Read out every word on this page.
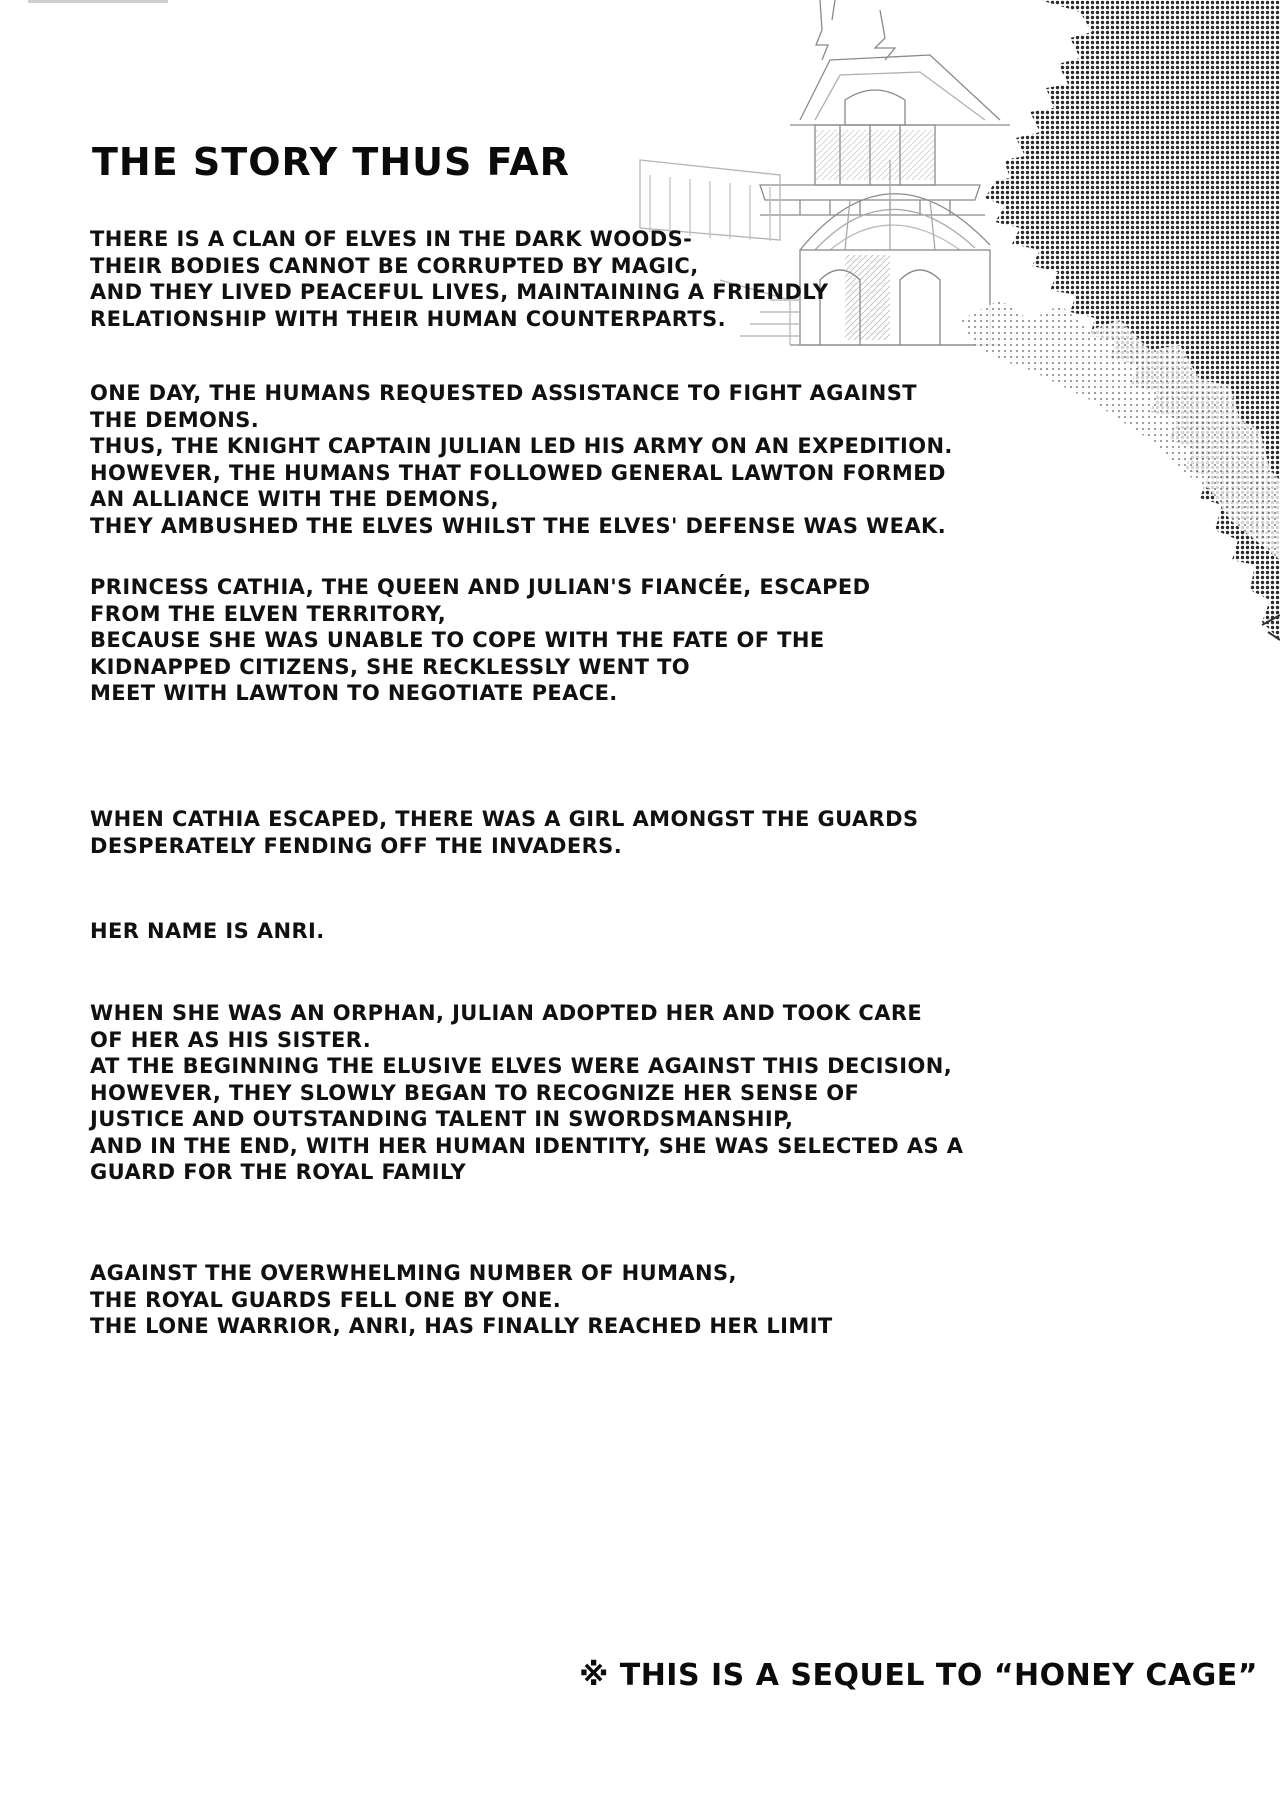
THE STORY THUS FAR

THERE IS A CLAN OF ELVES IN THE DARK WOODS-
THEIR BODIES CANNOT BE CORRUPTED BY MAGIC,
AND THEY LIVED PEACEFUL LIVES, MAINTAINING A FRIENDLY
RELATIONSHIP WITH THEIR HUMAN COUNTERPARTS.

ONE DAY, THE HUMANS REQUESTED ASSISTANCE TO FIGHT AGAINST
THE DEMONS.
THUS, THE KNIGHT CAPTAIN JULIAN LED HIS ARMY ON AN EXPEDITION.
HOWEVER, THE HUMANS THAT FOLLOWED GENERAL LAWTON FORMED
AN ALLIANCE WITH THE DEMONS,
THEY AMBUSHED THE ELVES WHILST THE ELVES' DEFENSE WAS WEAK.

PRINCESS CATHIA, THE QUEEN AND JULIAN'S FIANCÉE, ESCAPED
FROM THE ELVEN TERRITORY,
BECAUSE SHE WAS UNABLE TO COPE WITH THE FATE OF THE
KIDNAPPED CITIZENS, SHE RECKLESSLY WENT TO
MEET WITH LAWTON TO NEGOTIATE PEACE.

WHEN CATHIA ESCAPED, THERE WAS A GIRL AMONGST THE GUARDS
DESPERATELY FENDING OFF THE INVADERS.

HER NAME IS ANRI.

WHEN SHE WAS AN ORPHAN, JULIAN ADOPTED HER AND TOOK CARE
OF HER AS HIS SISTER.
AT THE BEGINNING THE ELUSIVE ELVES WERE AGAINST THIS DECISION,
HOWEVER, THEY SLOWLY BEGAN TO RECOGNIZE HER SENSE OF
JUSTICE AND OUTSTANDING TALENT IN SWORDSMANSHIP,
AND IN THE END, WITH HER HUMAN IDENTITY, SHE WAS SELECTED AS A
GUARD FOR THE ROYAL FAMILY

AGAINST THE OVERWHELMING NUMBER OF HUMANS,
THE ROYAL GUARDS FELL ONE BY ONE.
THE LONE WARRIOR, ANRI, HAS FINALLY REACHED HER LIMIT

※ THIS IS A SEQUEL TO “HONEY CAGE”
